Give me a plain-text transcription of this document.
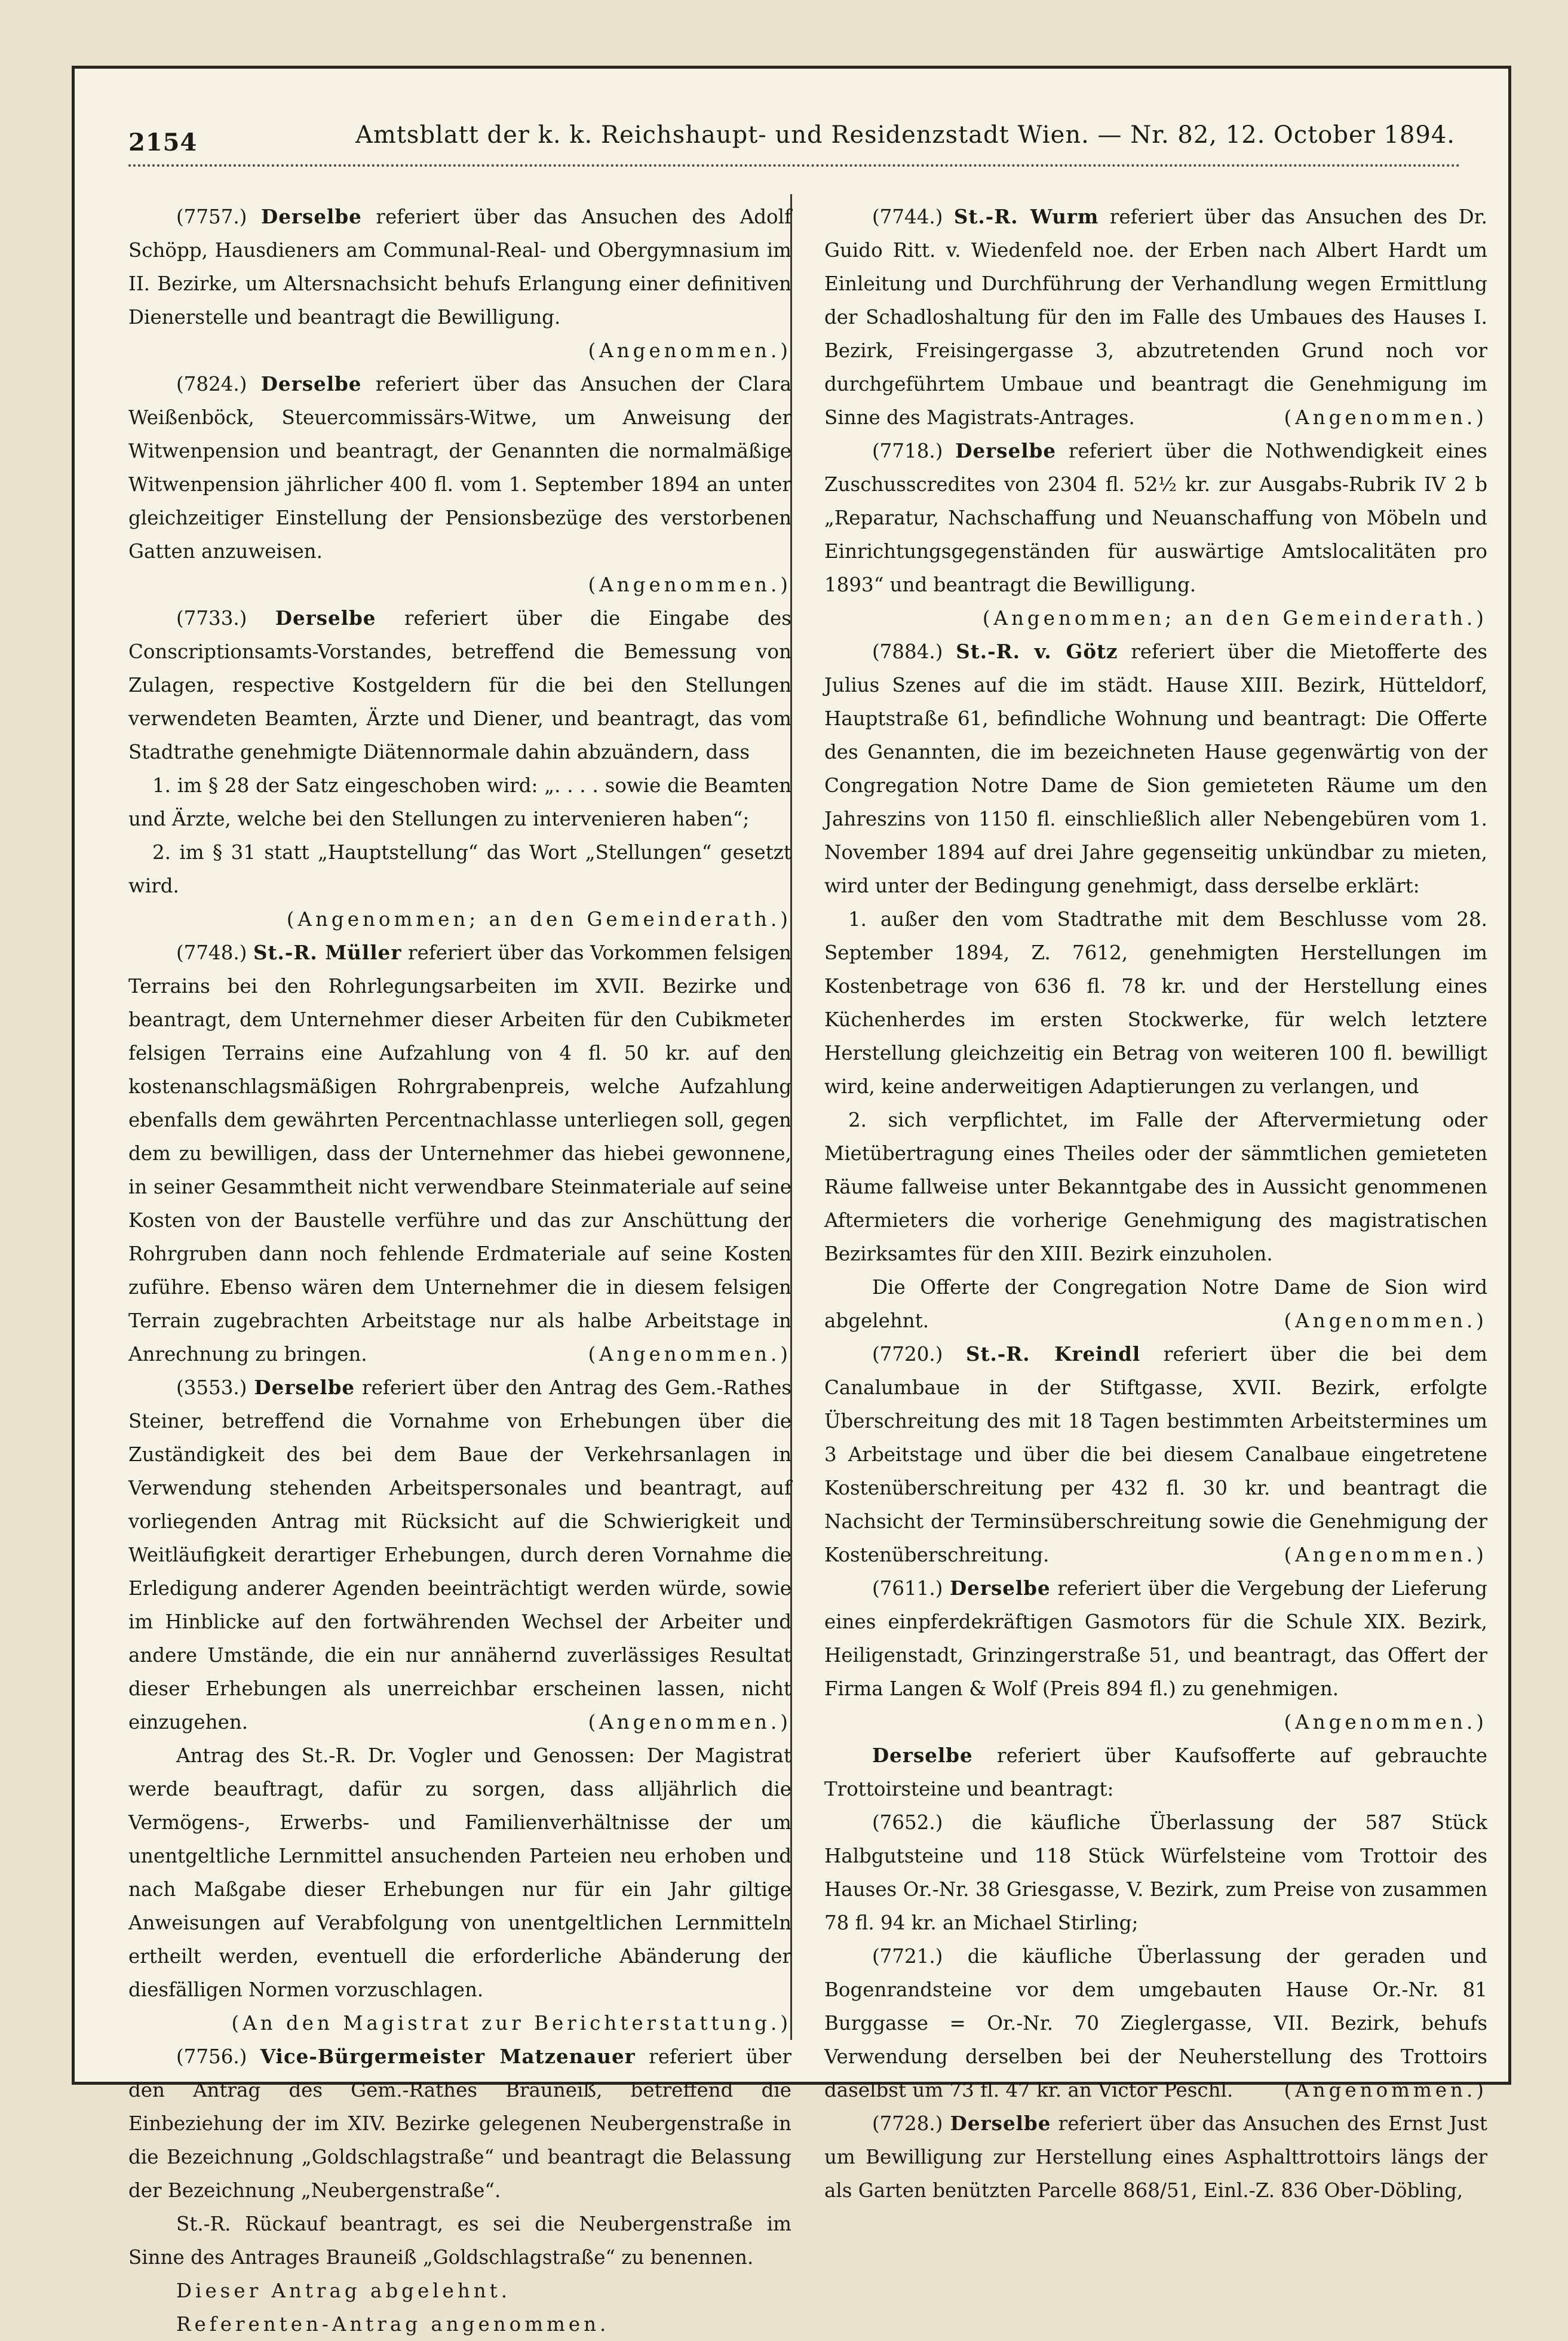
2154	Amtsblatt der k. k. Reichshaupt- und Residenzstadt Wien. — Nr. 82, 12. October 1894.

(7757.) Derselbe referiert über das Ansuchen des Adolf Schöpp, Hausdieners am Communal-Real- und Obergymnasium im II. Bezirke, um Altersnachsicht behufs Erlangung einer definitiven Dienerstelle und beantragt die Bewilligung.
(Angenommen.)

(7824.) Derselbe referiert über das Ansuchen der Clara Weißenböck, Steuercommissärs-Witwe, um Anweisung der Witwenpension und beantragt, der Genannten die normalmäßige Witwenpension jährlicher 400 fl. vom 1. September 1894 an unter gleichzeitiger Einstellung der Pensionsbezüge des verstorbenen Gatten anzuweisen.

(Angenommen.)

(7733.) Derselbe referiert über die Eingabe des Conscriptionsamts-Vorstandes, betreffend die Bemessung von Zulagen, respective Kostgeldern für die bei den Stellungen verwendeten Beamten, Ärzte und Diener, und beantragt, das vom Stadtrathe genehmigte Diätennormale dahin abzuändern, dass

1. im § 28 der Satz eingeschoben wird: „. . . . sowie die Beamten und Ärzte, welche bei den Stellungen zu intervenieren haben“;

2. im § 31 statt „Hauptstellung“ das Wort „Stellungen“ gesetzt wird.

(Angenommen; an den Gemeinderath.)

(7748.) St.-R. Müller referiert über das Vorkommen felsigen Terrains bei den Rohrlegungsarbeiten im XVII. Bezirke und beantragt, dem Unternehmer dieser Arbeiten für den Cubikmeter felsigen Terrains eine Aufzahlung von 4 fl. 50 kr. auf den kostenanschlagsmäßigen Rohrgrabenpreis, welche Aufzahlung ebenfalls dem gewährten Percentnachlasse unterliegen soll, gegen dem zu bewilligen, dass der Unternehmer das hiebei gewonnene, in seiner Gesammtheit nicht verwendbare Steinmateriale auf seine Kosten von der Baustelle verführe und das zur Anschüttung der Rohrgruben dann noch fehlende Erdmateriale auf seine Kosten zuführe. Ebenso wären dem Unternehmer die in diesem felsigen Terrain zugebrachten Arbeitstage nur als halbe Arbeitstage in Anrechnung zu bringen.	(Angenommen.)

(3553.) Derselbe referiert über den Antrag des Gem.-Rathes Steiner, betreffend die Vornahme von Erhebungen über die Zuständigkeit des bei dem Baue der Verkehrsanlagen in Verwendung stehenden Arbeitspersonales und beantragt, auf vorliegenden Antrag mit Rücksicht auf die Schwierigkeit und Weitläufigkeit derartiger Erhebungen, durch deren Vornahme die Erledigung anderer Agenden beeinträchtigt werden würde, sowie im Hinblicke auf den fortwährenden Wechsel der Arbeiter und andere Umstände, die ein nur annähernd zuverlässiges Resultat dieser Erhebungen als unerreichbar erscheinen lassen, nicht einzugehen.	(Angenommen.)

Antrag des St.-R. Dr. Vogler und Genossen: Der Magistrat werde beauftragt, dafür zu sorgen, dass alljährlich die Vermögens-, Erwerbs- und Familienverhältnisse der um unentgeltliche Lernmittel ansuchenden Parteien neu erhoben und nach Maßgabe dieser Erhebungen nur für ein Jahr giltige Anweisungen auf Verabfolgung von unentgeltlichen Lernmitteln ertheilt werden, eventuell die erforderliche Abänderung der diesfälligen Normen vorzuschlagen.

(An den Magistrat zur Berichterstattung.)

(7756.) Vice-Bürgermeister Matzenauer referiert über den Antrag des Gem.-Rathes Brauneiß, betreffend die Einbeziehung der im XIV. Bezirke gelegenen Neubergenstraße in die Bezeichnung „Goldschlagstraße“ und beantragt die Belassung der Bezeichnung „Neubergenstraße“.

St.-R. Rückauf beantragt, es sei die Neubergenstraße im Sinne des Antrages Brauneiß „Goldschlagstraße“ zu benennen.

Dieser Antrag abgelehnt.

Referenten-Antrag angenommen.

(7744.) St.-R. Wurm referiert über das Ansuchen des Dr. Guido Ritt. v. Wiedenfeld noe. der Erben nach Albert Hardt um Einleitung und Durchführung der Verhandlung wegen Ermittlung der Schadloshaltung für den im Falle des Umbaues des Hauses I. Bezirk, Freisingergasse 3, abzutretenden Grund noch vor durchgeführtem Umbaue und beantragt die Genehmigung im Sinne des Magistrats-Antrages.	(Angenommen.)

(7718.) Derselbe referiert über die Nothwendigkeit eines Zuschusscredites von 2304 fl. 52½ kr. zur Ausgabs-Rubrik IV 2 b „Reparatur, Nachschaffung und Neuanschaffung von Möbeln und Einrichtungsgegenständen für auswärtige Amtslocalitäten pro 1893“ und beantragt die Bewilligung.
(Angenommen; an den Gemeinderath.)

(7884.) St.-R. v. Götz referiert über die Mietofferte des Julius Szenes auf die im städt. Hause XIII. Bezirk, Hütteldorf, Hauptstraße 61, befindliche Wohnung und beantragt: Die Offerte des Genannten, die im bezeichneten Hause gegenwärtig von der Congregation Notre Dame de Sion gemieteten Räume um den Jahreszins von 1150 fl. einschließlich aller Nebengebüren vom 1. November 1894 auf drei Jahre gegenseitig unkündbar zu mieten, wird unter der Bedingung genehmigt, dass derselbe erklärt:

1. außer den vom Stadtrathe mit dem Beschlusse vom 28. September 1894, Z. 7612, genehmigten Herstellungen im Kostenbetrage von 636 fl. 78 kr. und der Herstellung eines Küchenherdes im ersten Stockwerke, für welch letztere Herstellung gleichzeitig ein Betrag von weiteren 100 fl. bewilligt wird, keine anderweitigen Adaptierungen zu verlangen, und

2. sich verpflichtet, im Falle der Aftervermietung oder Mietübertragung eines Theiles oder der sämmtlichen gemieteten Räume fallweise unter Bekanntgabe des in Aussicht genommenen Aftermieters die vorherige Genehmigung des magistratischen Bezirksamtes für den XIII. Bezirk einzuholen.

Die Offerte der Congregation Notre Dame de Sion wird abgelehnt.	(Angenommen.)

(7720.) St.-R. Kreindl referiert über die bei dem Canalumbaue in der Stiftgasse, XVII. Bezirk, erfolgte Überschreitung des mit 18 Tagen bestimmten Arbeitstermines um 3 Arbeitstage und über die bei diesem Canalbaue eingetretene Kostenüberschreitung per 432 fl. 30 kr. und beantragt die Nachsicht der Terminsüberschreitung sowie die Genehmigung der Kostenüberschreitung.	(Angenommen.)

(7611.) Derselbe referiert über die Vergebung der Lieferung eines einpferdekräftigen Gasmotors für die Schule XIX. Bezirk, Heiligenstadt, Grinzingerstraße 51, und beantragt, das Offert der Firma Langen & Wolf (Preis 894 fl.) zu genehmigen.

(Angenommen.)

Derselbe referiert über Kaufsofferte auf gebrauchte Trottoirsteine und beantragt:

(7652.) die käufliche Überlassung der 587 Stück Halbgutsteine und 118 Stück Würfelsteine vom Trottoir des Hauses Or.-Nr. 38 Griesgasse, V. Bezirk, zum Preise von zusammen 78 fl. 94 kr. an Michael Stirling;

(7721.) die käufliche Überlassung der geraden und Bogenrandsteine vor dem umgebauten Hause Or.-Nr. 81 Burggasse = Or.-Nr. 70 Zieglergasse, VII. Bezirk, behufs Verwendung derselben bei der Neuherstellung des Trottoirs daselbst um 73 fl. 47 kr. an Victor Peschl.	(Angenommen.)

(7728.) Derselbe referiert über das Ansuchen des Ernst Just um Bewilligung zur Herstellung eines Asphalttrottoirs längs der als Garten benützten Parcelle 868/51, Einl.-Z. 836 Ober-Döbling,
